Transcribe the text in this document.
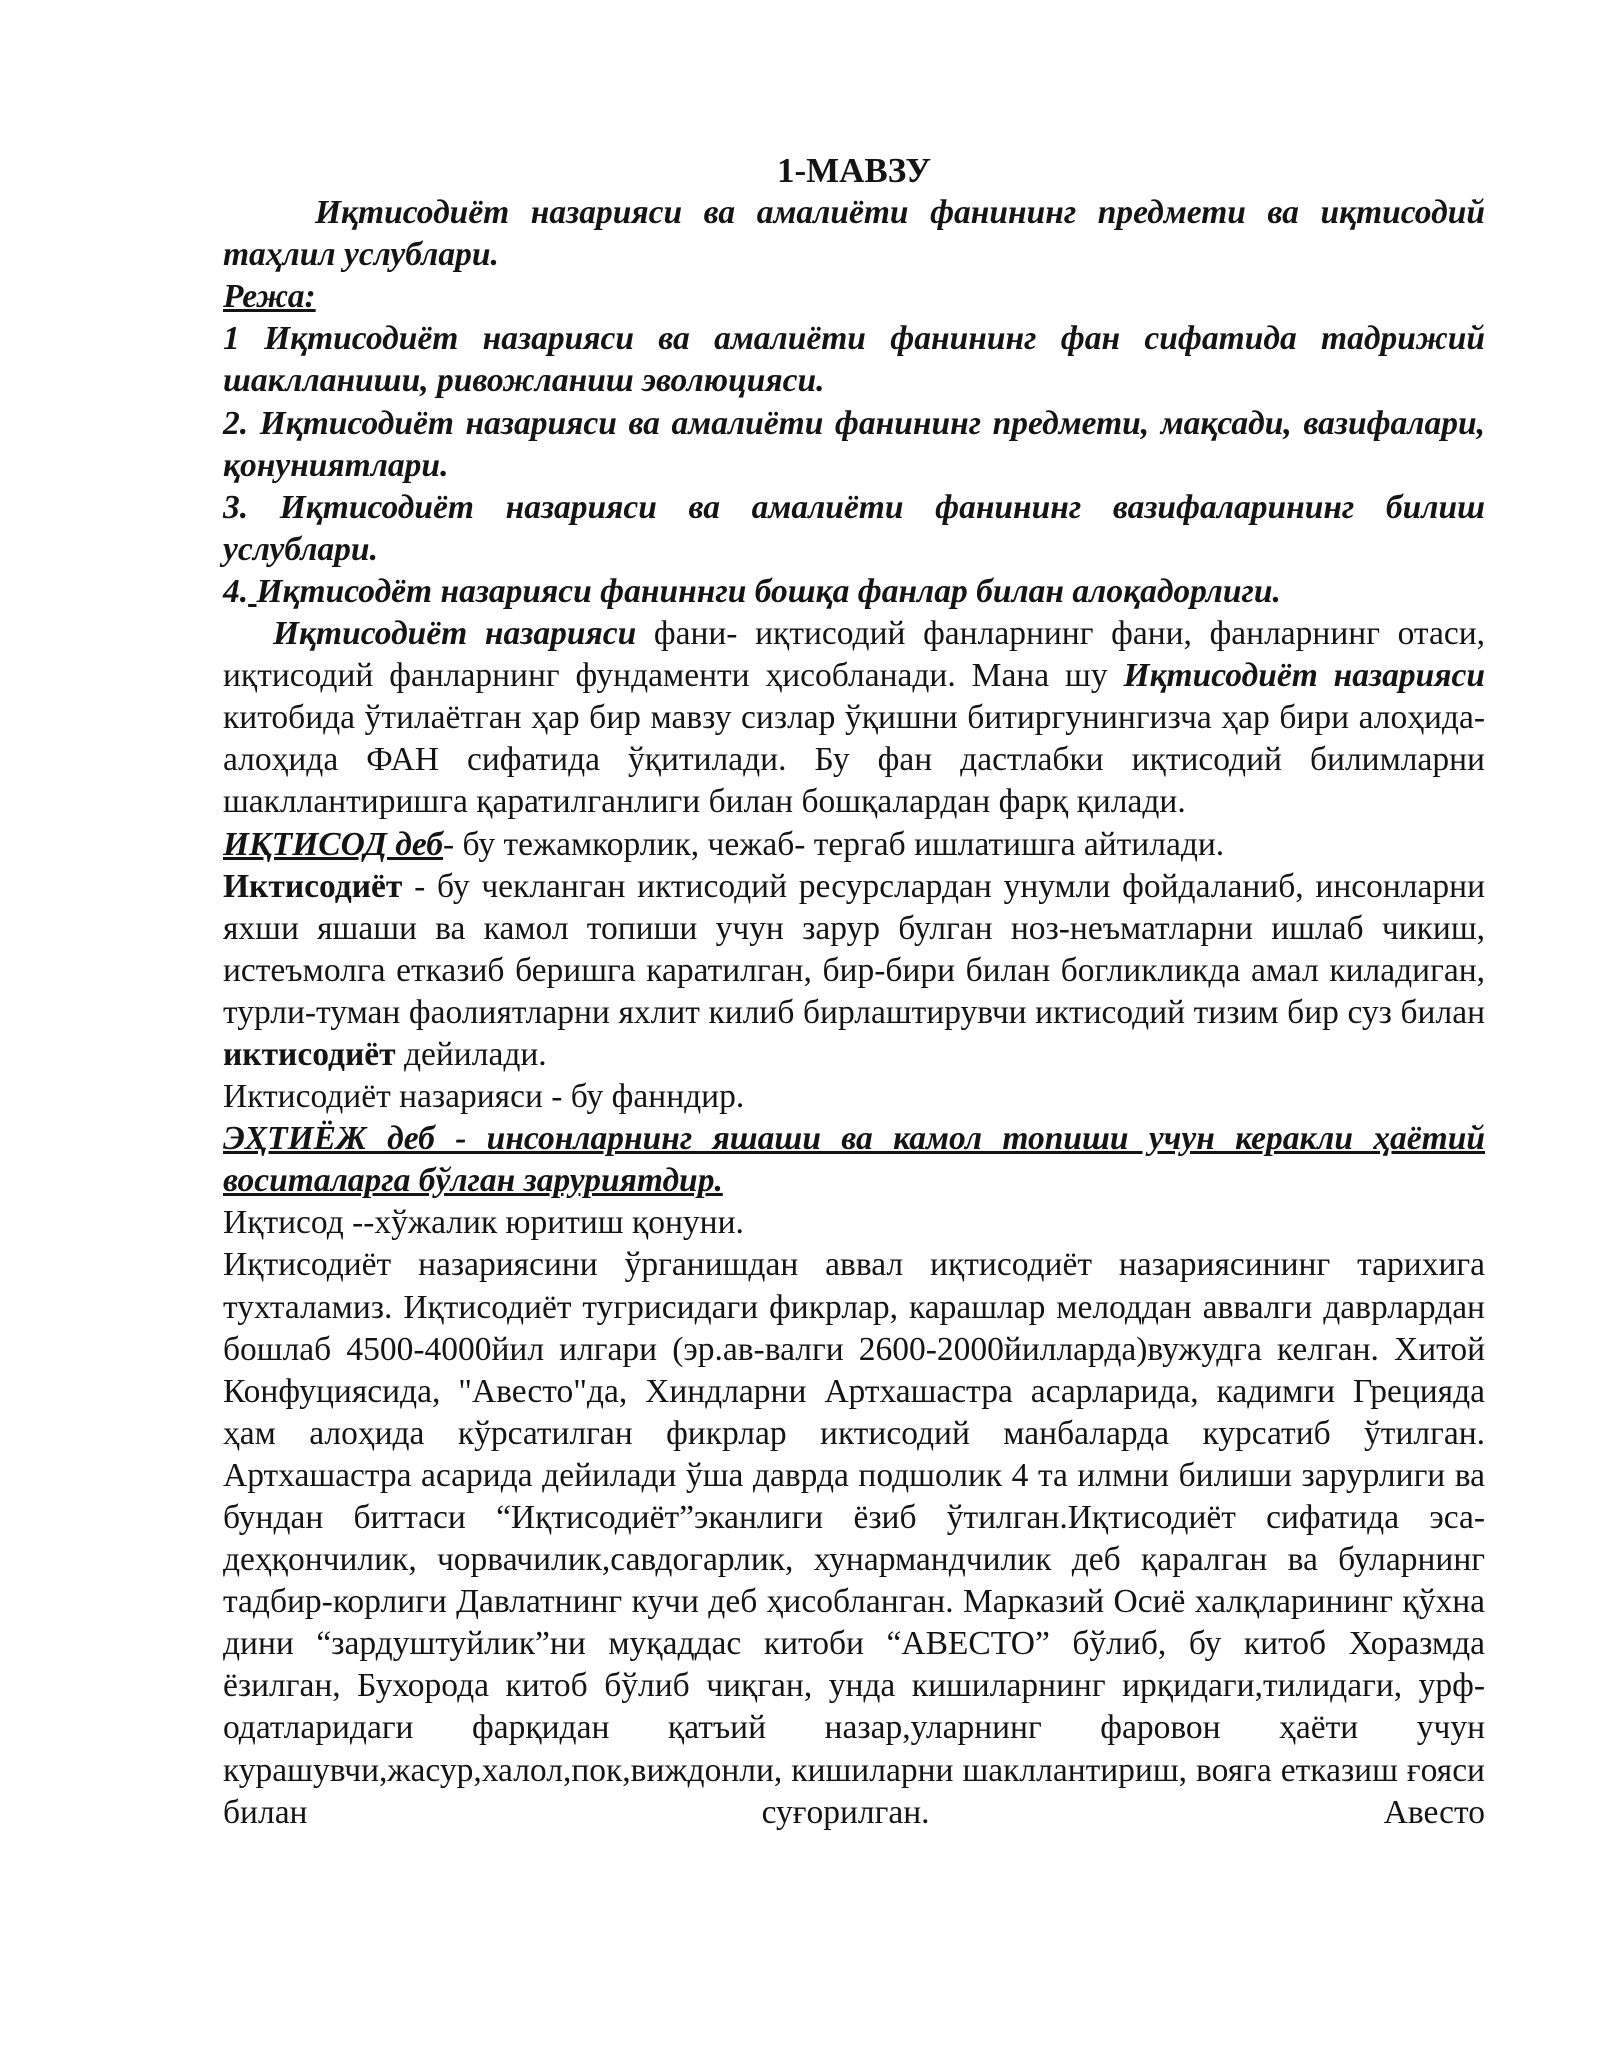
1-МАВЗУ

Иқтисодиёт назарияси ва амалиёти фанининг предмети ва иқтисодий таҳлил услублари.

Режа:

1 Иқтисодиёт назарияси ва амалиёти фанининг фан сифатида тадрижий шаклланиши, ривожланиш эволюцияси.

2. Иқтисодиёт назарияси ва амалиёти фанининг предмети, мақсади, вазифалари, қонуниятлари.

3. Иқтисодиёт назарияси ва амалиёти фанининг вазифаларининг билиш услублари.

4. Иқтисодёт назарияси фаниннги бошқа фанлар билан алоқадорлиги.

Иқтисодиёт назарияси фани- иқтисодий фанларнинг фани, фанларнинг отаси, иқтисодий фанларнинг фундаменти ҳисобланади. Мана шу Иқтисодиёт назарияси китобида ўтилаётган ҳар бир мавзу сизлар ўқишни битиргунингизча ҳар бири алоҳида-алоҳида ФАН сифатида ўқитилади. Бу фан дастлабки иқтисодий билимларни шакллантиришга қаратилганлиги билан бошқалардан фарқ қилади.

ИҚТИСОД деб- бу тежамкорлик, чежаб- тергаб ишлатишга айтилади.

Иктисодиёт - бу чекланган иктисодий ресурслардан унумли фойдаланиб, инсонларни яхши яшаши ва камол топиши учун зарур булган ноз-неъматларни ишлаб чикиш, истеъмолга етказиб беришга каратилган, бир-бири билан богликликда амал киладиган, турли-туман фаолиятларни яхлит килиб бирлаштирувчи иктисодий тизим бир суз билан иктисодиёт дейилади.

Иктисодиёт назарияси - бу фанндир.

ЭҲТИЁЖ деб - инсонларнинг яшаши ва камол топиши учун керакли ҳаётий воситаларга бўлган заруриятдир.

Иқтисод --хўжалик юритиш қонуни.

Иқтисодиёт назариясини ўрганишдан аввал иқтисодиёт назариясининг тарихига тухталамиз. Иқтисодиёт тугрисидаги фикрлар, карашлар мелоддан аввалги даврлардан бошлаб 4500-4000йил илгари (эр.ав-валги 2600-2000йилларда)вужудга келган. Хитой Конфуциясида, "Авесто"да, Хиндларни Артхашастра асарларида, кадимги Грецияда ҳам алоҳида кўрсатилган фикрлар иктисодий манбаларда курсатиб ўтилган. Артхашастра асарида дейилади ўша даврда подшолик 4 та илмни билиши зарурлиги ва бундан биттаси “Иқтисодиёт”эканлиги ёзиб ўтилган.Иқтисодиёт сифатида эса-деҳқончилик, чорвачилик,савдогарлик, хунармандчилик деб қаралган ва буларнинг тадбир-корлиги Давлатнинг кучи деб ҳисобланган. Марказий Осиё халқларининг қўхна дини “зардуштуйлик”ни муқаддас китоби “АВЕСТО” бўлиб, бу китоб Хоразмда ёзилган, Бухорода китоб бўлиб чиқган, унда кишиларнинг ирқидаги,тилидаги, урф-одатларидаги фарқидан қатъий назар,уларнинг фаровон ҳаёти учун курашувчи,жасур,халол,пок,виждонли, кишиларни шакллантириш, вояга етказиш ғояси билан суғорилган. Авесто
